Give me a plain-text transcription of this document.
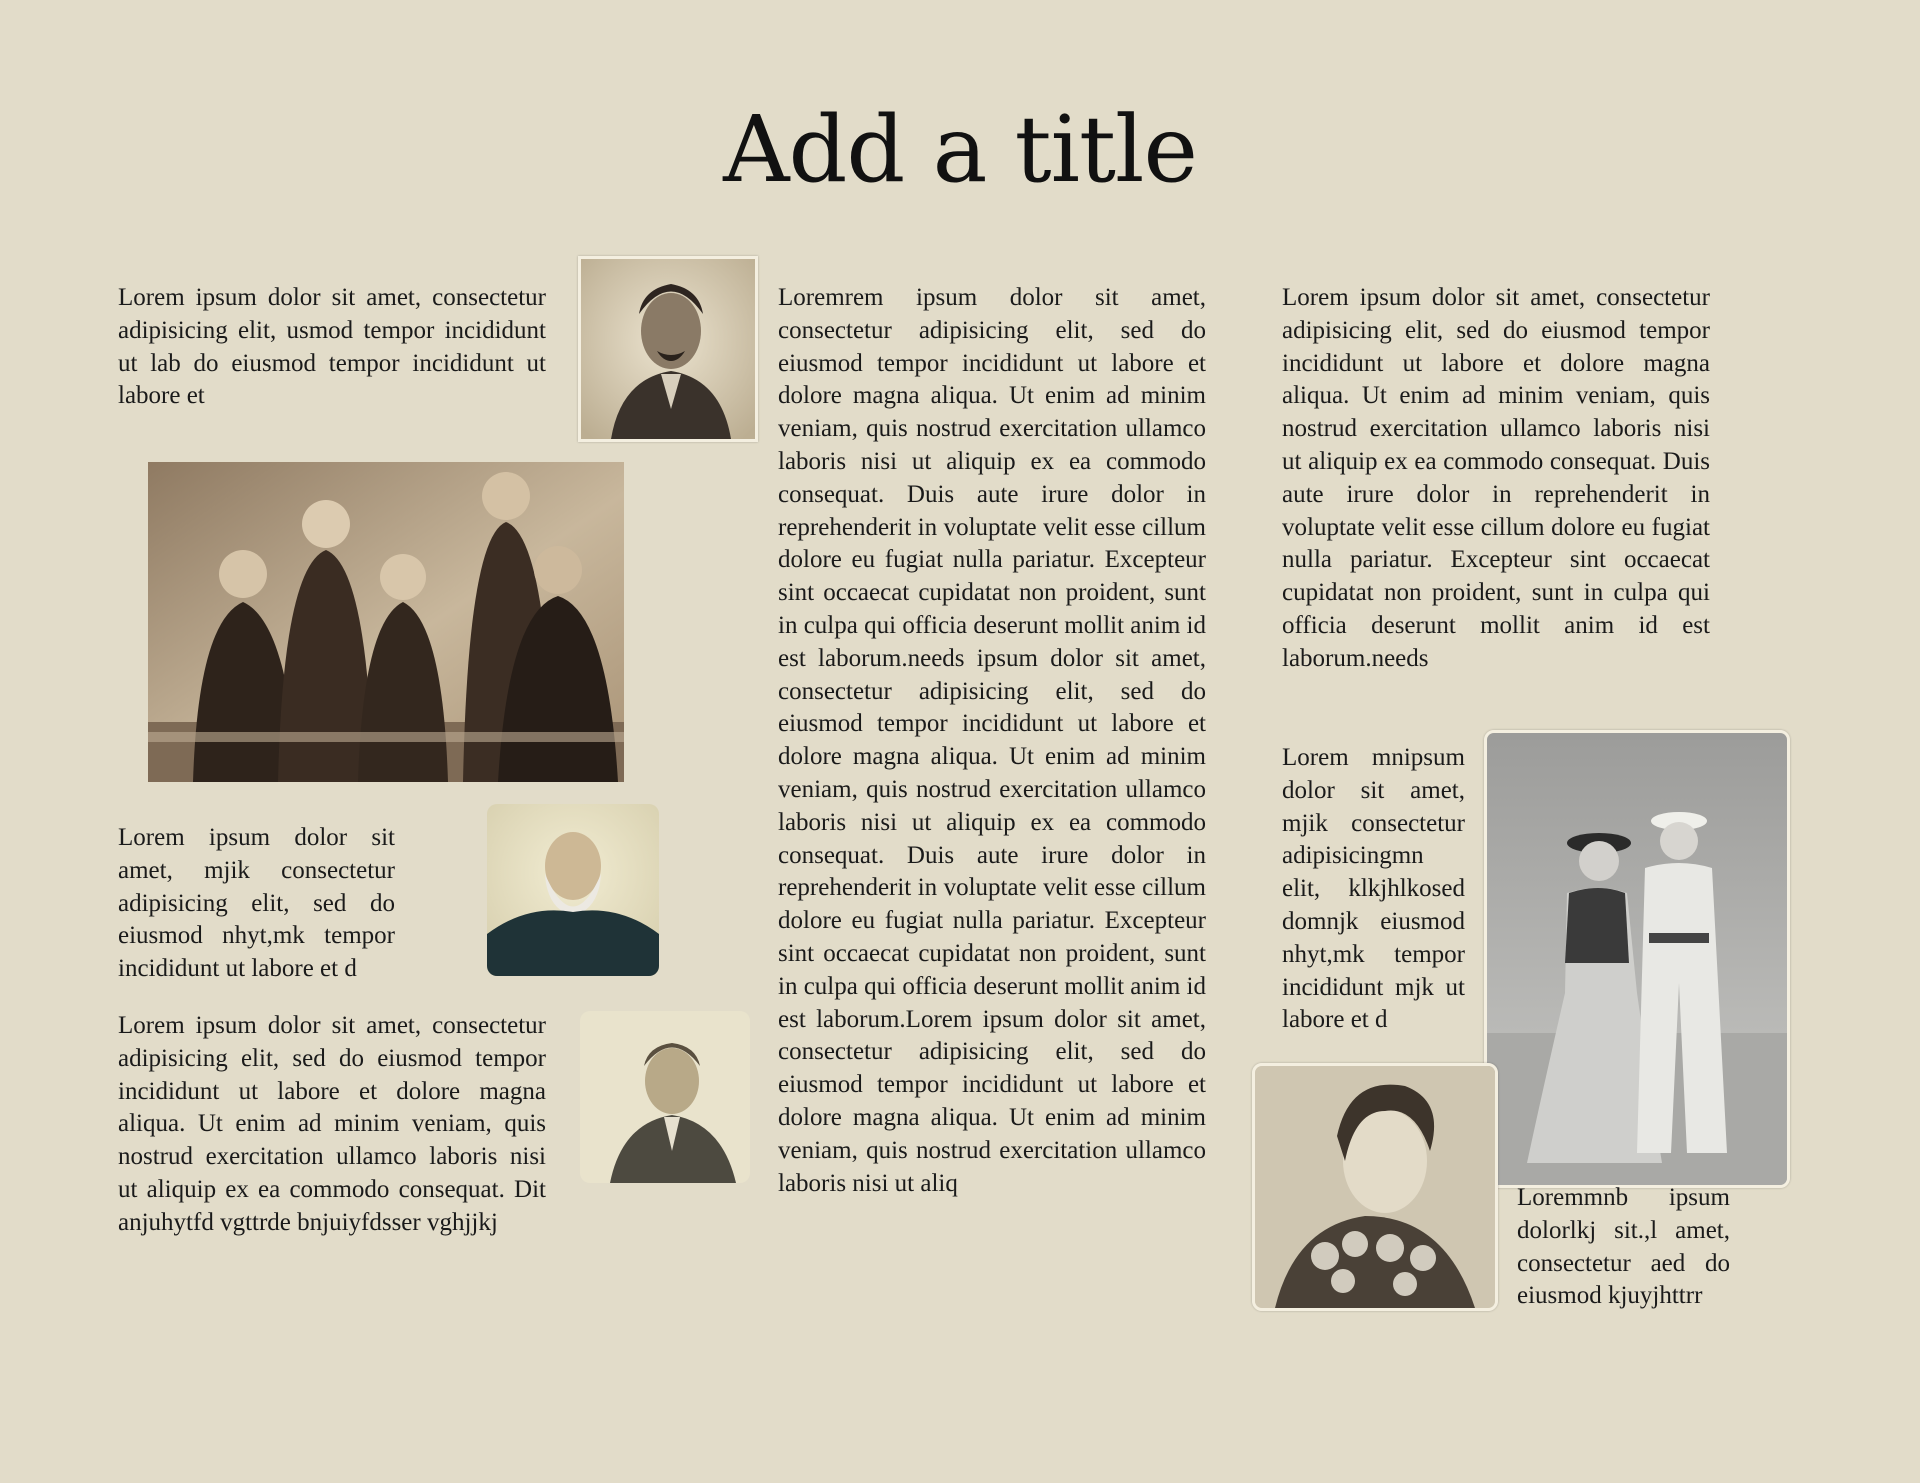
Add a title

Lorem ipsum dolor sit amet, consectetur adipisicing elit, usmod tempor incididunt ut lab do eiusmod tempor incididunt ut labore et

Lorem ipsum dolor sit amet, mjik consectetur adipisicing elit, sed do eiusmod nhyt,mk tempor incididunt ut labore et d

Lorem ipsum dolor sit amet, consectetur adipisicing elit, sed do eiusmod tempor incididunt ut labore et dolore magna aliqua. Ut enim ad minim veniam, quis nostrud exercitation ullamco laboris nisi ut aliquip ex ea commodo consequat. Dit anjuhytfd vgttrde bnjuiyfdsser vghjjkj

Loremrem ipsum dolor sit amet, consectetur adipisicing elit, sed do eiusmod tempor incididunt ut labore et dolore magna aliqua. Ut enim ad minim veniam, quis nostrud exercitation ullamco laboris nisi ut aliquip ex ea commodo consequat. Duis aute irure dolor in reprehenderit in voluptate velit esse cillum dolore eu fugiat nulla pariatur. Excepteur sint occaecat cupidatat non proident, sunt in culpa qui officia deserunt mollit anim id est laborum.needs ipsum dolor sit amet, consectetur adipisicing elit, sed do eiusmod tempor incididunt ut labore et dolore magna aliqua. Ut enim ad minim veniam, quis nostrud exercitation ullamco laboris nisi ut aliquip ex ea commodo consequat. Duis aute irure dolor in reprehenderit in voluptate velit esse cillum dolore eu fugiat nulla pariatur. Excepteur sint occaecat cupidatat non proident, sunt in culpa qui officia deserunt mollit anim id est laborum.Lorem ipsum dolor sit amet, consectetur adipisicing elit, sed do eiusmod tempor incididunt ut labore et dolore magna aliqua. Ut enim ad minim veniam, quis nostrud exercitation ullamco laboris nisi ut aliq

Lorem ipsum dolor sit amet, consectetur adipisicing elit, sed do eiusmod tempor incididunt ut labore et dolore magna aliqua. Ut enim ad minim veniam, quis nostrud exercitation ullamco laboris nisi ut aliquip ex ea commodo consequat. Duis aute irure dolor in reprehenderit in voluptate velit esse cillum dolore eu fugiat nulla pariatur. Excepteur sint occaecat cupidatat non proident, sunt in culpa qui officia deserunt mollit anim id est laborum.needs

Lorem mnipsum dolor sit amet, mjik consectetur adipisicingmn elit, klkjhlkosed domnjk eiusmod nhyt,mk tempor incididunt mjk ut labore et d

Loremmnb ipsum dolorlkj sit.,l amet, consectetur aed do eiusmod kjuyjhttrr
